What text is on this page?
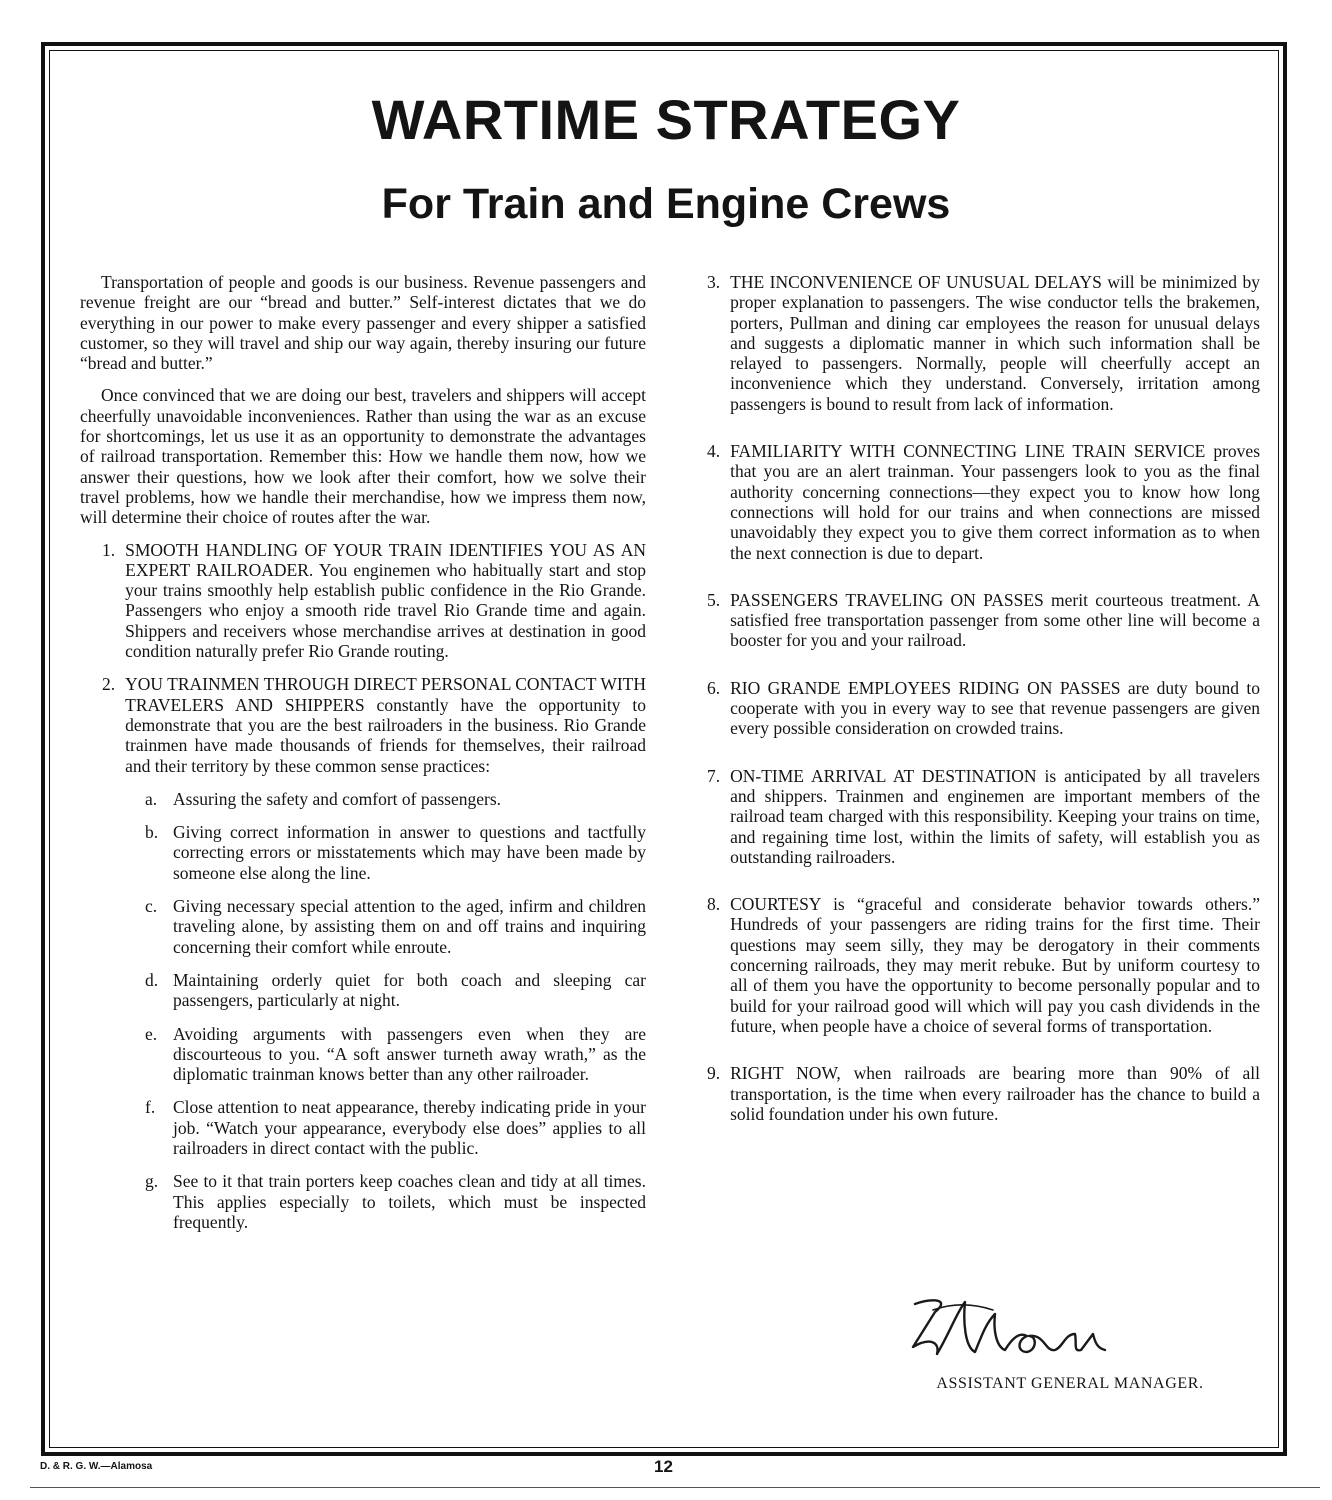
WARTIME STRATEGY
For Train and Engine Crews

Transportation of people and goods is our business. Revenue passengers and revenue freight are our “bread and butter.” Self-interest dictates that we do everything in our power to make every passenger and every shipper a satisfied customer, so they will travel and ship our way again, thereby insuring our future “bread and butter.”

Once convinced that we are doing our best, travelers and shippers will accept cheerfully unavoidable inconveniences. Rather than using the war as an excuse for shortcomings, let us use it as an opportunity to demonstrate the advantages of railroad transportation. Remember this: How we handle them now, how we answer their questions, how we look after their comfort, how we solve their travel problems, how we handle their merchandise, how we impress them now, will determine their choice of routes after the war.

1. SMOOTH HANDLING OF YOUR TRAIN IDENTIFIES YOU AS AN EXPERT RAILROADER. You enginemen who habitually start and stop your trains smoothly help establish public confidence in the Rio Grande. Passengers who enjoy a smooth ride travel Rio Grande time and again. Shippers and receivers whose merchandise arrives at destination in good condition naturally prefer Rio Grande routing.
2. YOU TRAINMEN THROUGH DIRECT PERSONAL CONTACT WITH TRAVELERS AND SHIPPERS constantly have the opportunity to demonstrate that you are the best railroaders in the business. Rio Grande trainmen have made thousands of friends for themselves, their railroad and their territory by these common sense practices:
a. Assuring the safety and comfort of passengers.
b. Giving correct information in answer to questions and tactfully correcting errors or misstatements which may have been made by someone else along the line.
c. Giving necessary special attention to the aged, infirm and children traveling alone, by assisting them on and off trains and inquiring concerning their comfort while enroute.
d. Maintaining orderly quiet for both coach and sleeping car passengers, particularly at night.
e. Avoiding arguments with passengers even when they are discourteous to you. “A soft answer turneth away wrath,” as the diplomatic trainman knows better than any other railroader.
f.	Close attention to neat appearance, thereby indicating pride in your job. “Watch your appearance, everybody else does” applies to all railroaders in direct contact with the public.
g. See to it that train porters keep coaches clean and tidy at all times. This applies especially to toilets, which must be inspected frequently.
3. THE INCONVENIENCE OF UNUSUAL DELAYS will be minimized by proper explanation to passengers. The wise conductor tells the brakemen, porters, Pullman and dining car employees the reason for unusual delays and suggests a diplomatic manner in which such information shall be relayed to passengers. Normally, people will cheerfully accept an inconvenience which they understand. Conversely, irritation among passengers is bound to result from lack of information.
4. FAMILIARITY WITH CONNECTING LINE TRAIN SERVICE proves that you are an alert trainman. Your passengers look to you as the final authority concerning connections—they expect you to know how long connections will hold for our trains and when connections are missed unavoidably they expect you to give them correct information as to when the next connection is due to depart.
5. PASSENGERS TRAVELING ON PASSES merit courteous treatment. A satisfied free transportation passenger from some other line will become a booster for you and your railroad.
6. RIO GRANDE EMPLOYEES RIDING ON PASSES are duty bound to cooperate with you in every way to see that revenue passengers are given every possible consideration on crowded trains.
7. ON-TIME ARRIVAL AT DESTINATION is anticipated by all travelers and shippers. Trainmen and enginemen are important members of the railroad team charged with this responsibility. Keeping your trains on time, and regaining time lost, within the limits of safety, will establish you as outstanding railroaders.
8. COURTESY is “graceful and considerate behavior towards others.” Hundreds of your passengers are riding trains for the first time. Their questions may seem silly, they may be derogatory in their comments concerning railroads, they may merit rebuke. But by uniform courtesy to all of them you have the opportunity to become personally popular and to build for your railroad good will which will pay you cash dividends in the future, when people have a choice of several forms of transportation.
9. RIGHT NOW, when railroads are bearing more than 90% of all transportation, is the time when every railroader has the chance to build a solid foundation under his own future.
ASSISTANT GENERAL MANAGER.
D. & R. G. W.—Alamosa	12
